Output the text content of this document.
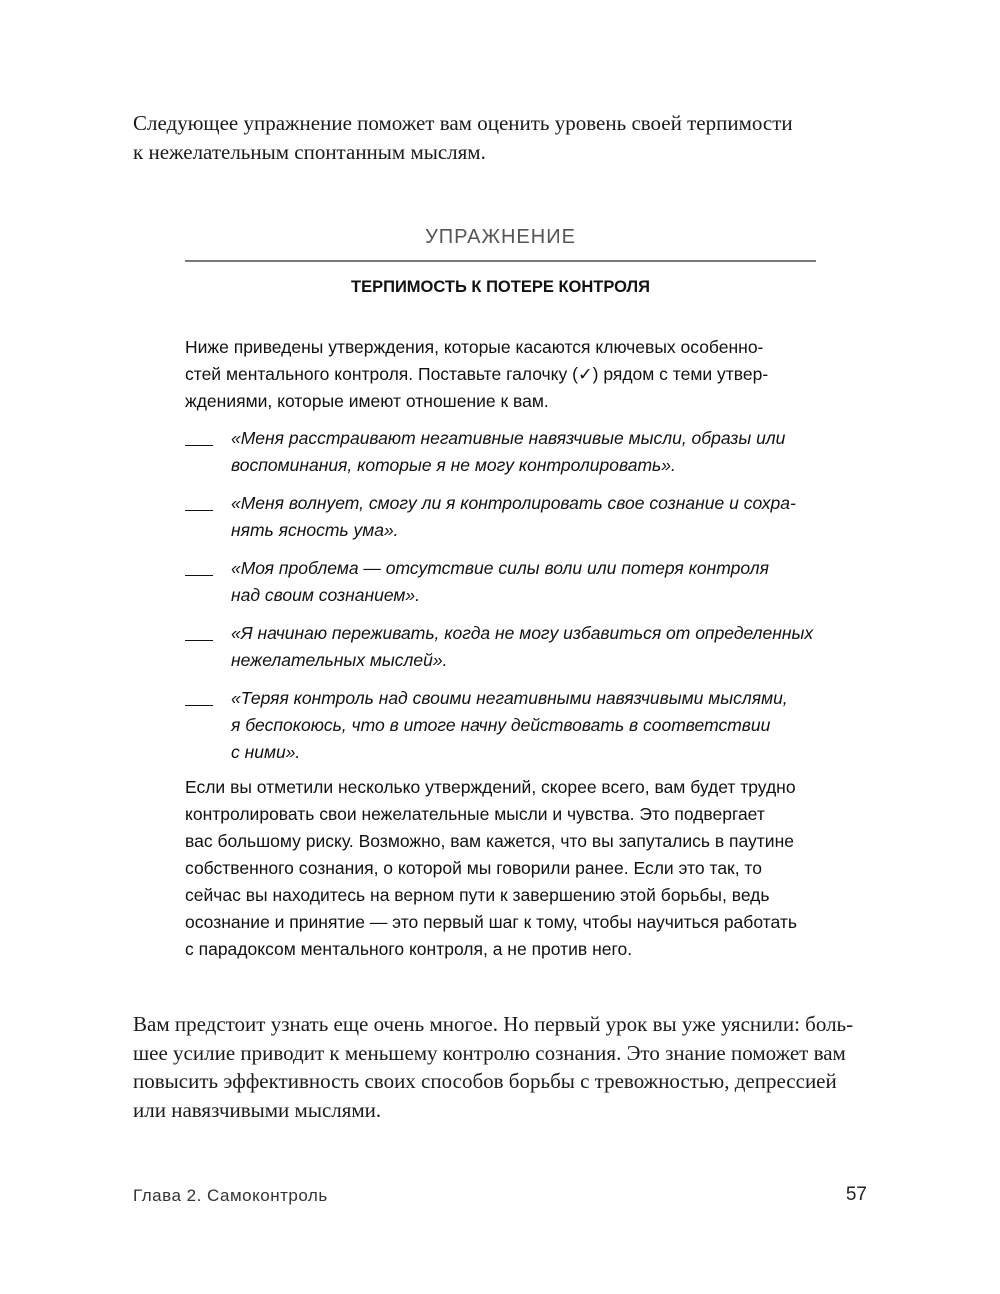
Следующее упражнение поможет вам оценить уровень своей терпимости
к нежелательным спонтанным мыслям.
УПРАЖНЕНИЕ
ТЕРПИМОСТЬ К ПОТЕРЕ КОНТРОЛЯ
Ниже приведены утверждения, которые касаются ключевых особенно-
стей ментального контроля. Поставьте галочку (✓) рядом с теми утвер-
ждениями, которые имеют отношение к вам.
«Меня расстраивают негативные навязчивые мысли, образы или
воспоминания, которые я не могу контролировать».
«Меня волнует, смогу ли я контролировать свое сознание и сохра-
нять ясность ума».
«Моя проблема — отсутствие силы воли или потеря контроля
над своим сознанием».
«Я начинаю переживать, когда не могу избавиться от определенных
нежелательных мыслей».
«Теряя контроль над своими негативными навязчивыми мыслями,
я беспокоюсь, что в итоге начну действовать в соответствии
с ними».
Если вы отметили несколько утверждений, скорее всего, вам будет трудно
контролировать свои нежелательные мысли и чувства. Это подвергает
вас большому риску. Возможно, вам кажется, что вы запутались в паутине
собственного сознания, о которой мы говорили ранее. Если это так, то
сейчас вы находитесь на верном пути к завершению этой борьбы, ведь
осознание и принятие — это первый шаг к тому, чтобы научиться работать
с парадоксом ментального контроля, а не против него.
Вам предстоит узнать еще очень многое. Но первый урок вы уже уяснили: боль-
шее усилие приводит к меньшему контролю сознания. Это знание поможет вам
повысить эффективность своих способов борьбы с тревожностью, депрессией
или навязчивыми мыслями.
Глава 2. Самоконтроль	57
